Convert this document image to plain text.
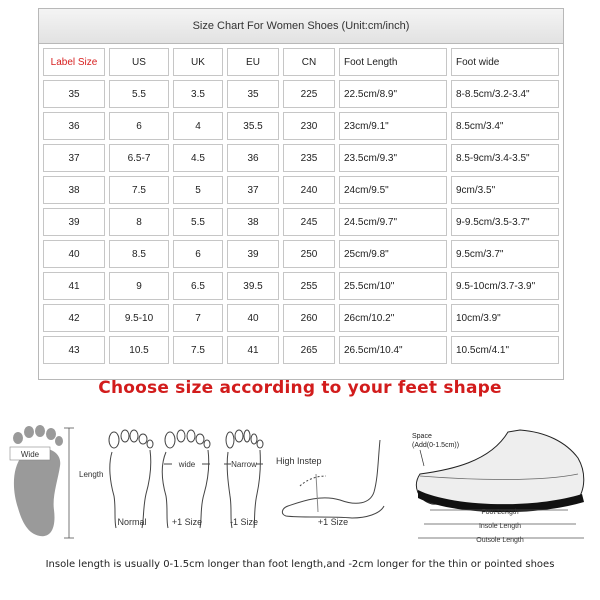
Size Chart For Women Shoes (Unit:cm/inch)
Label Size	US	UK	EU	CN	Foot Length	Foot wide
35	5.5	3.5	35	225	22.5cm/8.9"	8-8.5cm/3.2-3.4"
36	6	4	35.5	230	23cm/9.1"	8.5cm/3.4"
37	6.5-7	4.5	36	235	23.5cm/9.3"	8.5-9cm/3.4-3.5"
38	7.5	5	37	240	24cm/9.5"	9cm/3.5"
39	8	5.5	38	245	24.5cm/9.7"	9-9.5cm/3.5-3.7"
40	8.5	6	39	250	25cm/9.8"	9.5cm/3.7"
41	9	6.5	39.5	255	25.5cm/10"	9.5-10cm/3.7-3.9"
42	9.5-10	7	40	260	26cm/10.2"	10cm/3.9"
43	10.5	7.5	41	265	26.5cm/10.4"	10.5cm/4.1"
Choose size according to your feet shape
Wide
Length
Normal
wide
+1 Size
Narrow
-1 Size
High Instep
+1 Size
Space
(Add(0-1.5cm))
Foot Length
Insole Length
Outsole Length
Insole length is usually 0-1.5cm longer than foot length,and -2cm longer for the thin or pointed shoes
